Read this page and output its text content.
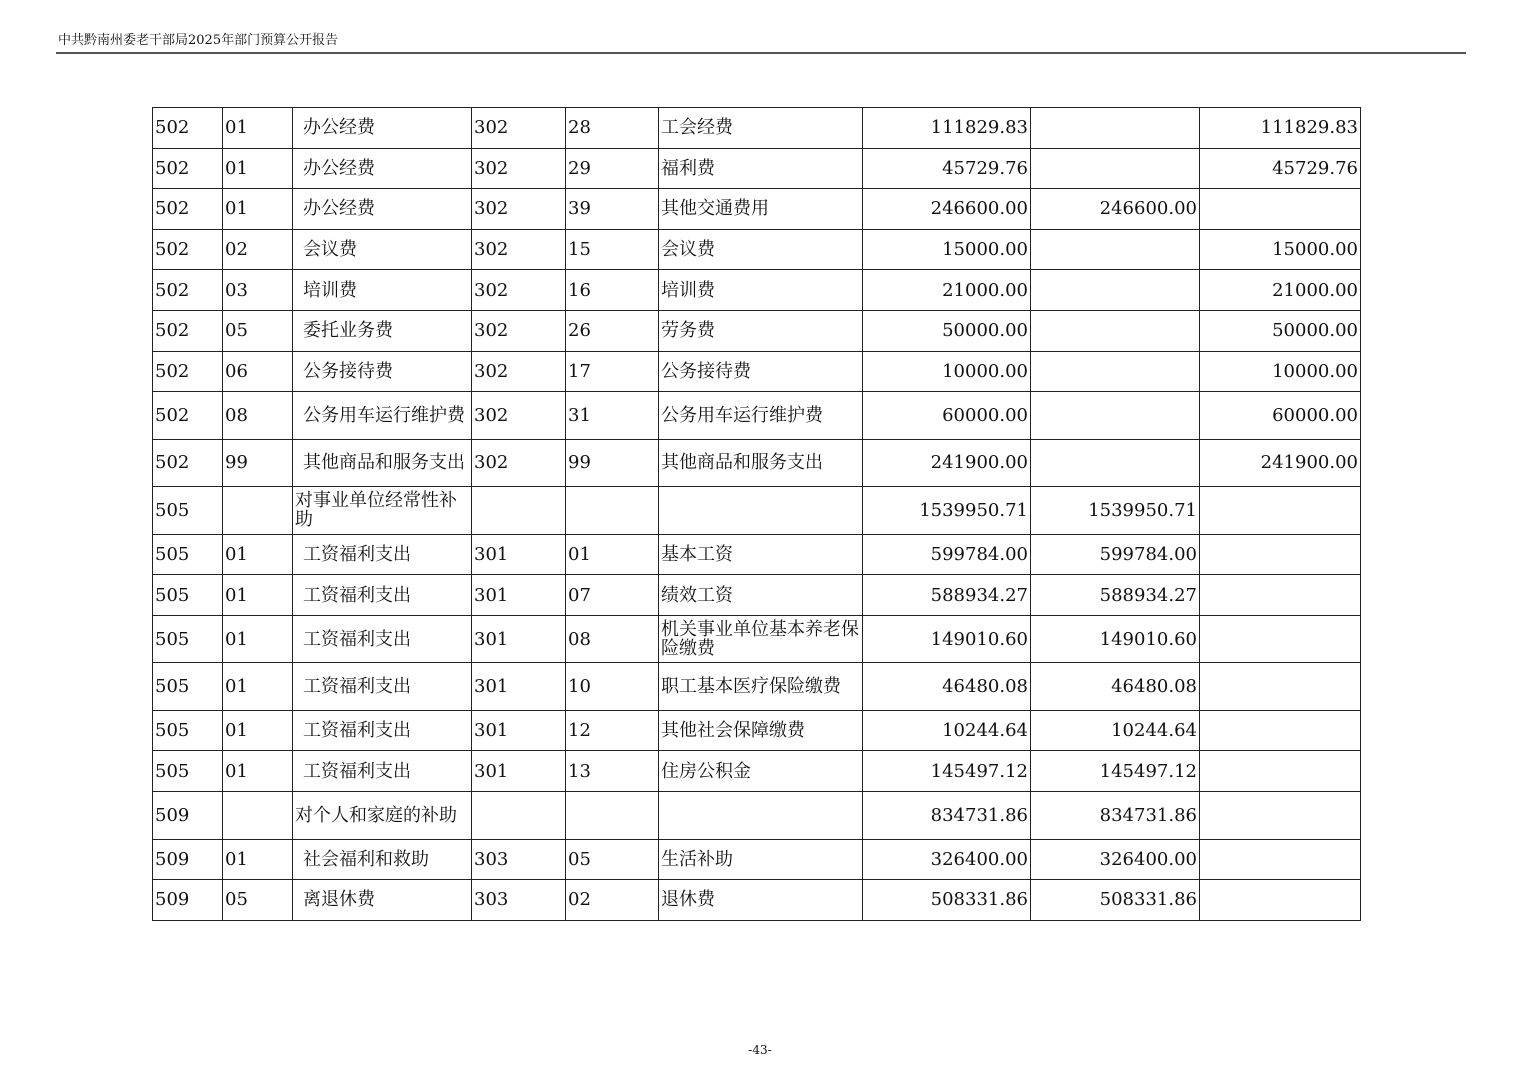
中共黔南州委老干部局2025年部门预算公开报告
502	01	办公经费	302	28	工会经费	111829.83		111829.83
502	01	办公经费	302	29	福利费	45729.76		45729.76
502	01	办公经费	302	39	其他交通费用	246600.00	246600.00	
502	02	会议费	302	15	会议费	15000.00		15000.00
502	03	培训费	302	16	培训费	21000.00		21000.00
502	05	委托业务费	302	26	劳务费	50000.00		50000.00
502	06	公务接待费	302	17	公务接待费	10000.00		10000.00
502	08	公务用车运行维护费	302	31	公务用车运行维护费	60000.00		60000.00
502	99	其他商品和服务支出	302	99	其他商品和服务支出	241900.00		241900.00
505		对事业单位经常性补助				1539950.71	1539950.71	
505	01	工资福利支出	301	01	基本工资	599784.00	599784.00	
505	01	工资福利支出	301	07	绩效工资	588934.27	588934.27	
505	01	工资福利支出	301	08	机关事业单位基本养老保险缴费	149010.60	149010.60	
505	01	工资福利支出	301	10	职工基本医疗保险缴费	46480.08	46480.08	
505	01	工资福利支出	301	12	其他社会保障缴费	10244.64	10244.64	
505	01	工资福利支出	301	13	住房公积金	145497.12	145497.12	
509		对个人和家庭的补助				834731.86	834731.86	
509	01	社会福利和救助	303	05	生活补助	326400.00	326400.00	
509	05	离退休费	303	02	退休费	508331.86	508331.86	
-43-
